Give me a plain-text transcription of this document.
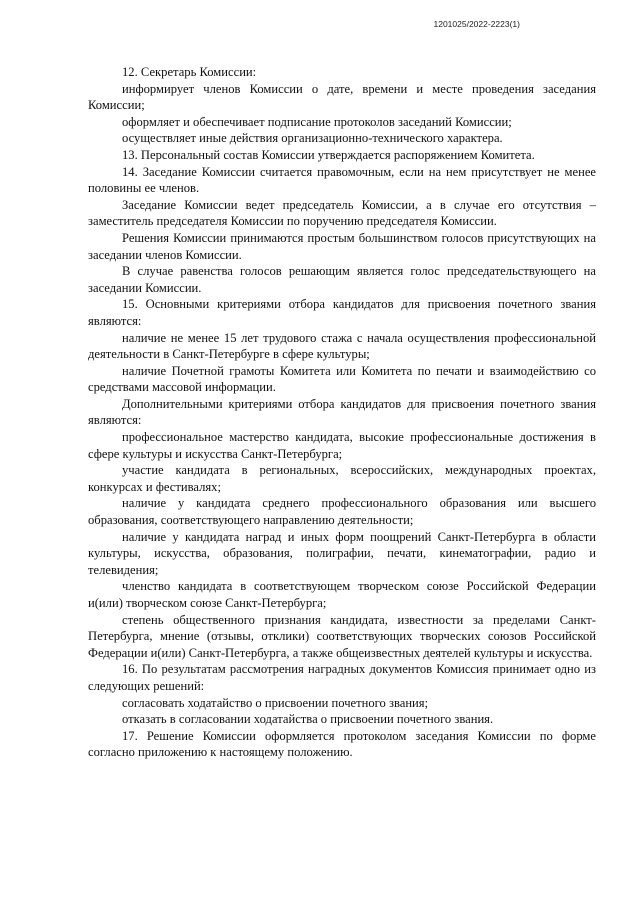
1201025/2022-2223(1)

12. Секретарь Комиссии:

информирует членов Комиссии о дате, времени и месте проведения заседания Комиссии;

оформляет и обеспечивает подписание протоколов заседаний Комиссии;

осуществляет иные действия организационно-технического характера.

13. Персональный состав Комиссии утверждается распоряжением Комитета.

14. Заседание Комиссии считается правомочным, если на нем присутствует не менее половины ее членов.

Заседание Комиссии ведет председатель Комиссии, а в случае его отсутствия – заместитель председателя Комиссии по поручению председателя Комиссии.

Решения Комиссии принимаются простым большинством голосов присутствующих на заседании членов Комиссии.

В случае равенства голосов решающим является голос председательствующего на заседании Комиссии.

15. Основными критериями отбора кандидатов для присвоения почетного звания являются:

наличие не менее 15 лет трудового стажа с начала осуществления профессиональной деятельности в Санкт-Петербурге в сфере культуры;

наличие Почетной грамоты Комитета или Комитета по печати и взаимодействию со средствами массовой информации.

Дополнительными критериями отбора кандидатов для присвоения почетного звания являются:

профессиональное мастерство кандидата, высокие профессиональные достижения в сфере культуры и искусства Санкт-Петербурга;

участие кандидата в региональных, всероссийских, международных проектах, конкурсах и фестивалях;

наличие у кандидата среднего профессионального образования или высшего образования, соответствующего направлению деятельности;

наличие у кандидата наград и иных форм поощрений Санкт-Петербурга в области культуры, искусства, образования, полиграфии, печати, кинематографии, радио и телевидения;

членство кандидата в соответствующем творческом союзе Российской Федерации и(или) творческом союзе Санкт-Петербурга;

степень общественного признания кандидата, известности за пределами Санкт-Петербурга, мнение (отзывы, отклики) соответствующих творческих союзов Российской Федерации и(или) Санкт-Петербурга, а также общеизвестных деятелей культуры и искусства.

16. По результатам рассмотрения наградных документов Комиссия принимает одно из следующих решений:

согласовать ходатайство о присвоении почетного звания;

отказать в согласовании ходатайства о присвоении почетного звания.

17. Решение Комиссии оформляется протоколом заседания Комиссии по форме согласно приложению к настоящему положению.
